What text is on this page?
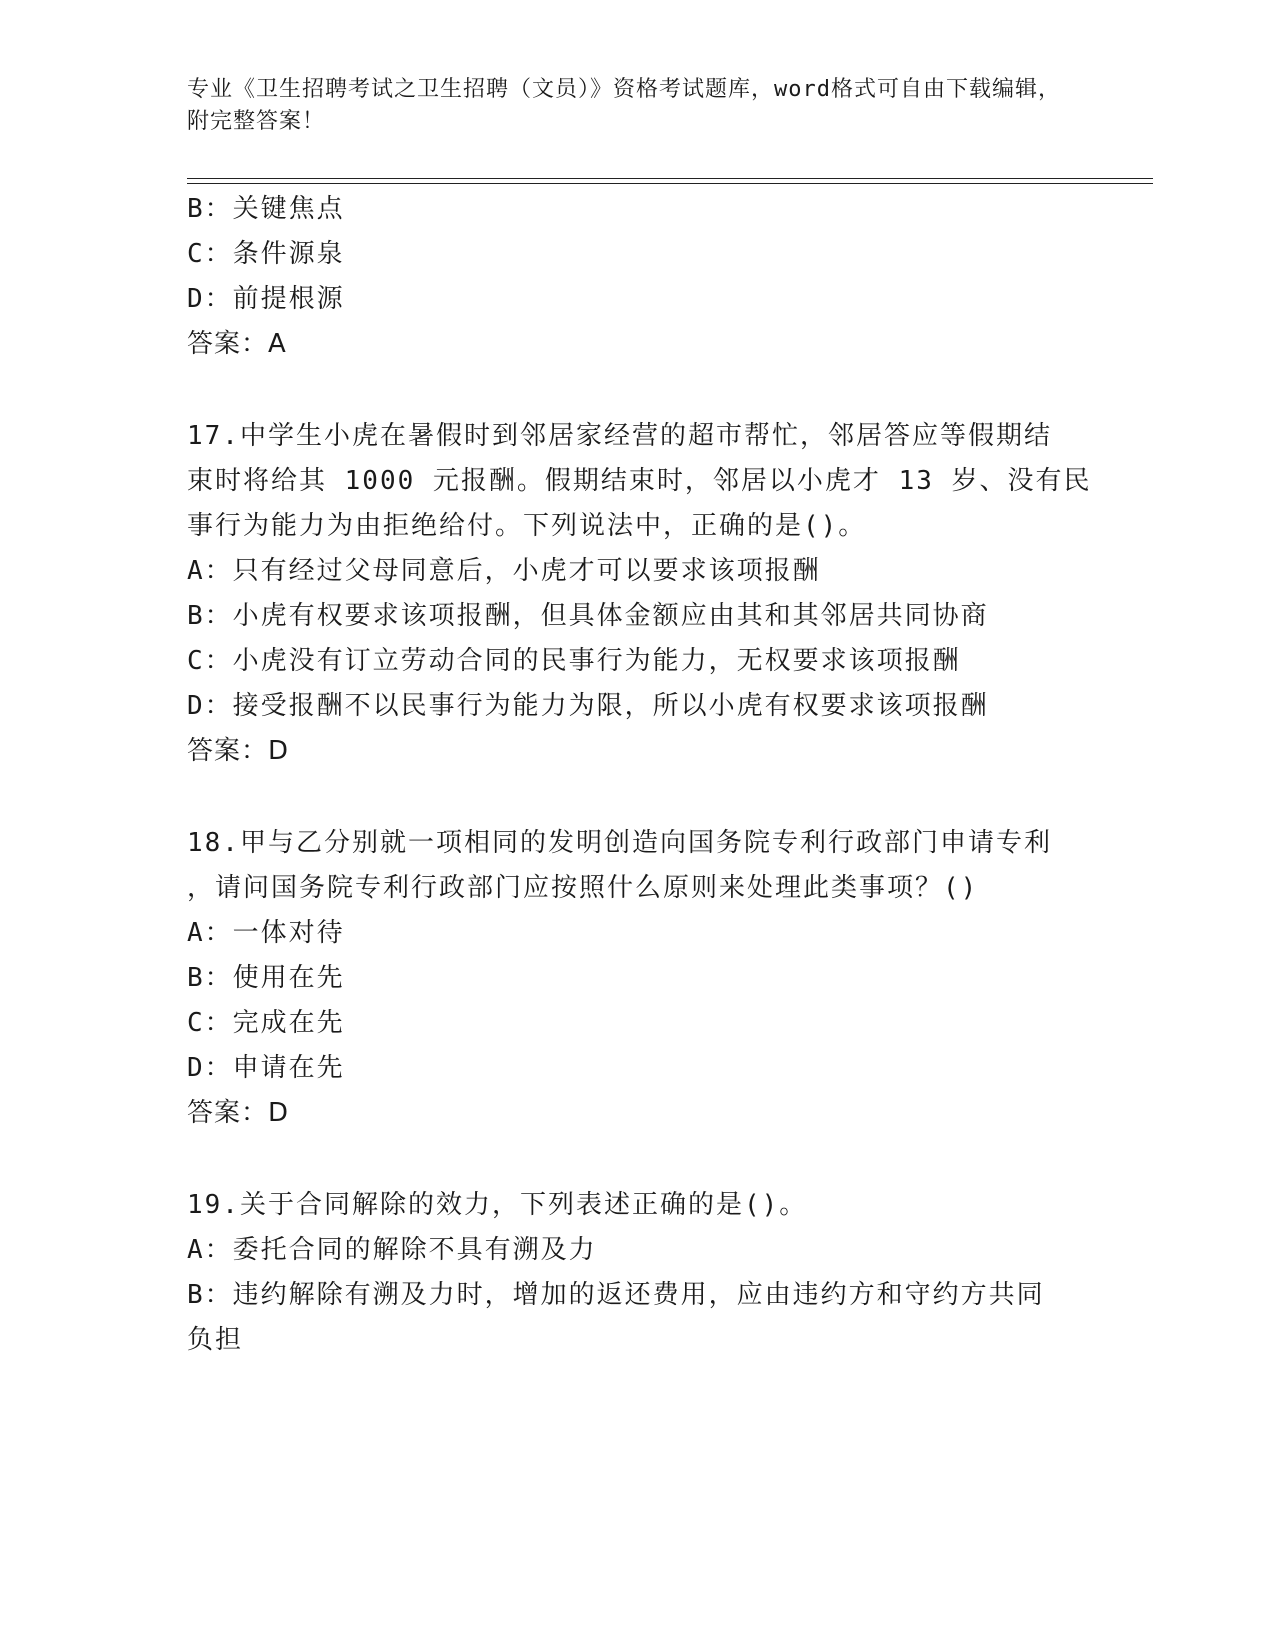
专业《卫生招聘考试之卫生招聘（文员）》资格考试题库，word格式可自由下载编辑，附完整答案！
B：关键焦点
C：条件源泉
D：前提根源
答案：A
17.中学生小虎在暑假时到邻居家经营的超市帮忙，邻居答应等假期结
束时将给其 1000 元报酬。假期结束时，邻居以小虎才 13 岁、没有民
事行为能力为由拒绝给付。下列说法中，正确的是()。
A：只有经过父母同意后，小虎才可以要求该项报酬
B：小虎有权要求该项报酬，但具体金额应由其和其邻居共同协商
C：小虎没有订立劳动合同的民事行为能力，无权要求该项报酬
D：接受报酬不以民事行为能力为限，所以小虎有权要求该项报酬
答案：D
18.甲与乙分别就一项相同的发明创造向国务院专利行政部门申请专利
，请问国务院专利行政部门应按照什么原则来处理此类事项？()
A：一体对待
B：使用在先
C：完成在先
D：申请在先
答案：D
19.关于合同解除的效力，下列表述正确的是()。
A：委托合同的解除不具有溯及力
B：违约解除有溯及力时，增加的返还费用，应由违约方和守约方共同
负担
